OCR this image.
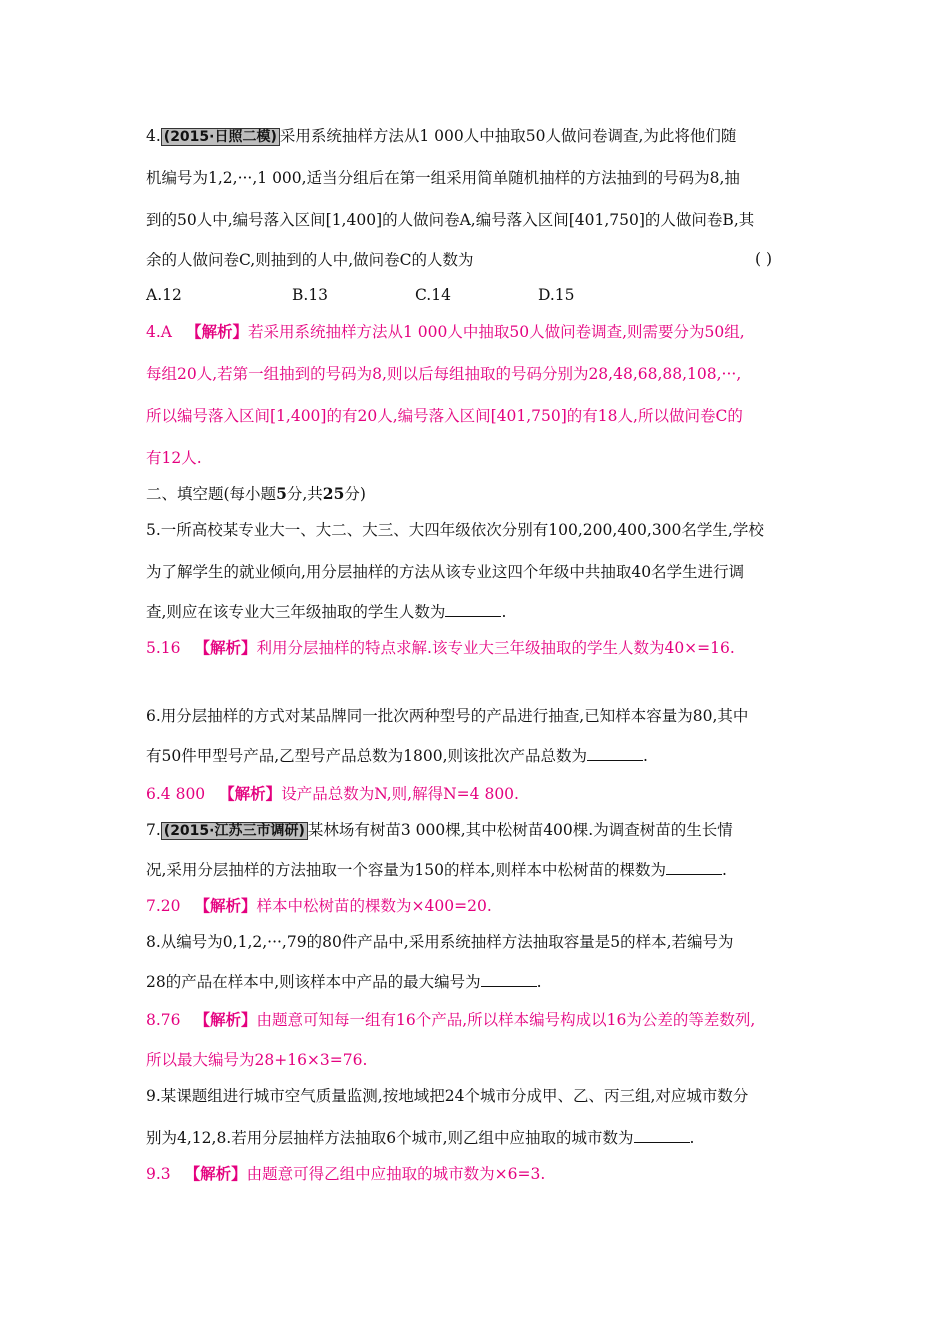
4. (2015·日照二模) 采用系统抽样方法从1 000人中抽取50人做问卷调查,为此将他们随
机编号为1,2,···,1 000,适当分组后在第一组采用简单随机抽样的方法抽到的号码为8,抽
到的50人中,编号落入区间[1,400]的人做问卷A,编号落入区间[401,750]的人做问卷B,其
余的人做问卷C,则抽到的人中,做问卷C的人数为	( )
A.12	B.13	C.14	D.15
4.A 【解析】若采用系统抽样方法从1 000人中抽取50人做问卷调查,则需要分为50组,
每组20人,若第一组抽到的号码为8,则以后每组抽取的号码分别为28,48,68,88,108,···,
所以编号落入区间[1,400]的有20人,编号落入区间[401,750]的有18人,所以做问卷C的
有12人.
二、填空题(每小题5分,共25分)
5.一所高校某专业大一、大二、大三、大四年级依次分别有100,200,400,300名学生,学校
为了解学生的就业倾向,用分层抽样的方法从该专业这四个年级中共抽取40名学生进行调
查,则应在该专业大三年级抽取的学生人数为	.
5.16 【解析】利用分层抽样的特点求解.该专业大三年级抽取的学生人数为40×=16.
6.用分层抽样的方式对某品牌同一批次两种型号的产品进行抽查,已知样本容量为80,其中
有50件甲型号产品,乙型号产品总数为1800,则该批次产品总数为	.
6.4 800 【解析】设产品总数为N,则,解得N=4 800.
7. (2015·江苏三市调研) 某林场有树苗3 000棵,其中松树苗400棵.为调查树苗的生长情
况,采用分层抽样的方法抽取一个容量为150的样本,则样本中松树苗的棵数为	.
7.20 【解析】样本中松树苗的棵数为×400=20.
8.从编号为0,1,2,···,79的80件产品中,采用系统抽样方法抽取容量是5的样本,若编号为
28的产品在样本中,则该样本中产品的最大编号为	.
8.76 【解析】由题意可知每一组有16个产品,所以样本编号构成以16为公差的等差数列,
所以最大编号为28+16×3=76.
9.某课题组进行城市空气质量监测,按地域把24个城市分成甲、乙、丙三组,对应城市数分
别为4,12,8.若用分层抽样方法抽取6个城市,则乙组中应抽取的城市数为	.
9.3 【解析】由题意可得乙组中应抽取的城市数为×6=3.
